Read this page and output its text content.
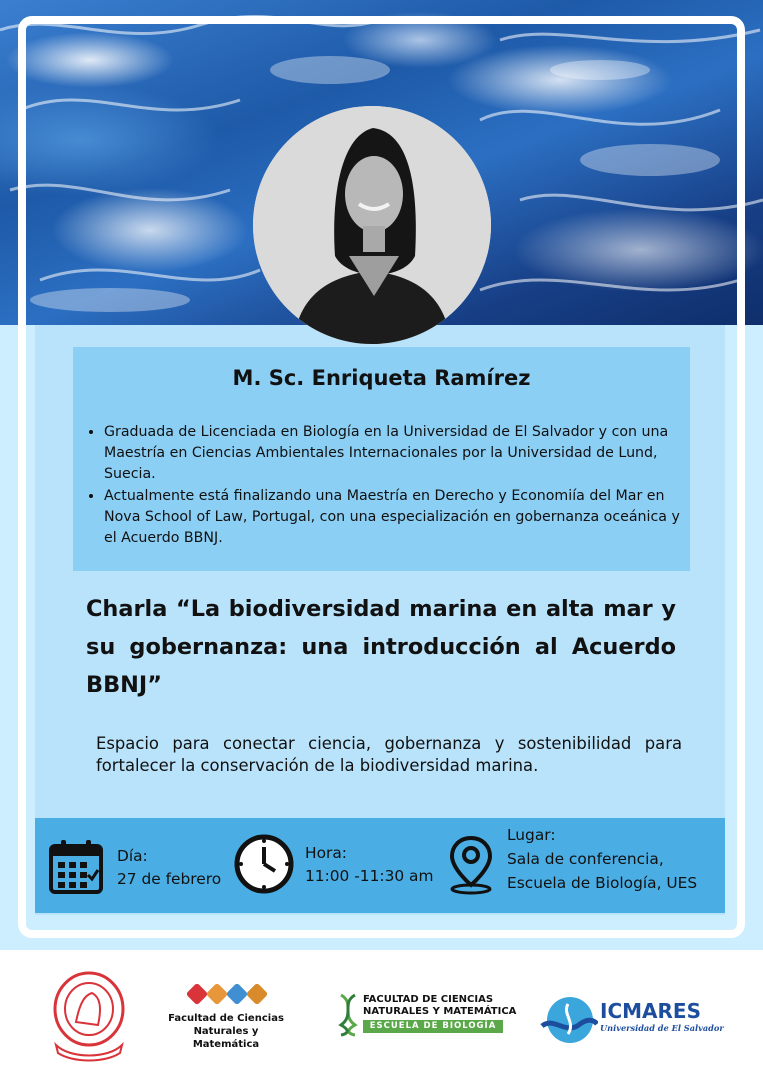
M. Sc. Enriqueta Ramírez
• Graduada de Licenciada en Biología en la Universidad de El Salvador y con una Maestría en Ciencias Ambientales Internacionales por la Universidad de Lund, Suecia.
• Actualmente está finalizando una Maestría en Derecho y Economiía del Mar en Nova School of Law, Portugal, con una especialización en gobernanza oceánica y el Acuerdo BBNJ.
Charla “La biodiversidad marina en alta mar y su gobernanza: una introducción al Acuerdo BBNJ”
Espacio para conectar ciencia, gobernanza y sostenibilidad para fortalecer la conservación de la biodiversidad marina.
Día:
27 de febrero
Hora:
11:00 -11:30 am
Lugar:
Sala de conferencia,
Escuela de Biología, UES
Facultad de Ciencias
Naturales y Matemática
FACULTAD DE CIENCIAS
NATURALES Y MATEMÁTICA
ESCUELA DE BIOLOGÍA
ICMARES
Universidad de El Salvador
